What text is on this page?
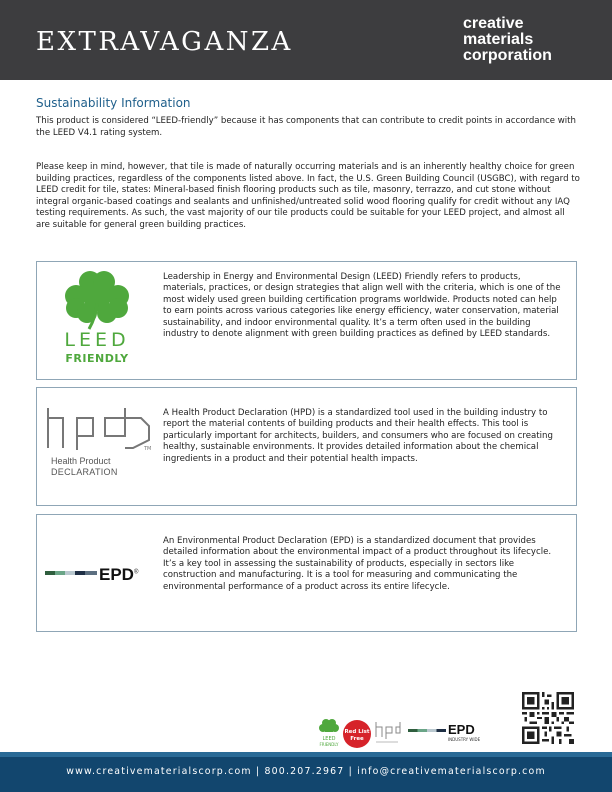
EXTRAVAGANZA
creative
materials
corporation
Sustainability Information
This product is considered “LEED-friendly” because it has components that can contribute to credit points in accordance with the LEED V4.1 rating system.
Please keep in mind, however, that tile is made of naturally occurring materials and is an inherently healthy choice for green building practices, regardless of the components listed above. In fact, the U.S. Green Building Council (USGBC), with regard to LEED credit for tile, states: Mineral-based finish flooring products such as tile, masonry, terrazzo, and cut stone without integral organic-based coatings and sealants and unfinished/untreated solid wood flooring qualify for credit without any IAQ testing requirements. As such, the vast majority of our tile products could be suitable for your LEED project, and almost all are suitable for general green building practices.
LEED
FRIENDLY
Leadership in Energy and Environmental Design (LEED) Friendly refers to products, materials, practices, or design strategies that align well with the criteria, which is one of the most widely used green building certification programs worldwide. Products noted can help to earn points across various categories like energy efficiency, water conservation, material sustainability, and indoor environmental quality. It’s a term often used in the building industry to denote alignment with green building practices as defined by LEED standards.
TM
Health Product
DECLARATION
A Health Product Declaration (HPD) is a standardized tool used in the building industry to report the material contents of building products and their health effects. This tool is particularly important for architects, builders, and consumers who are focused on creating healthy, sustainable environments. It provides detailed information about the chemical ingredients in a product and their potential health impacts.
EPD®
An Environmental Product Declaration (EPD) is a standardized document that provides detailed information about the environmental impact of a product throughout its lifecycle. It’s a key tool in assessing the sustainability of products, especially in sectors like construction and manufacturing. It is a tool for measuring and communicating the environmental performance of a product across its entire lifecycle.
LEED
FRIENDLY
Red List
Free
EPD
INDUSTRY WIDE
www.creativematerialscorp.com | 800.207.2967 | info@creativematerialscorp.com
